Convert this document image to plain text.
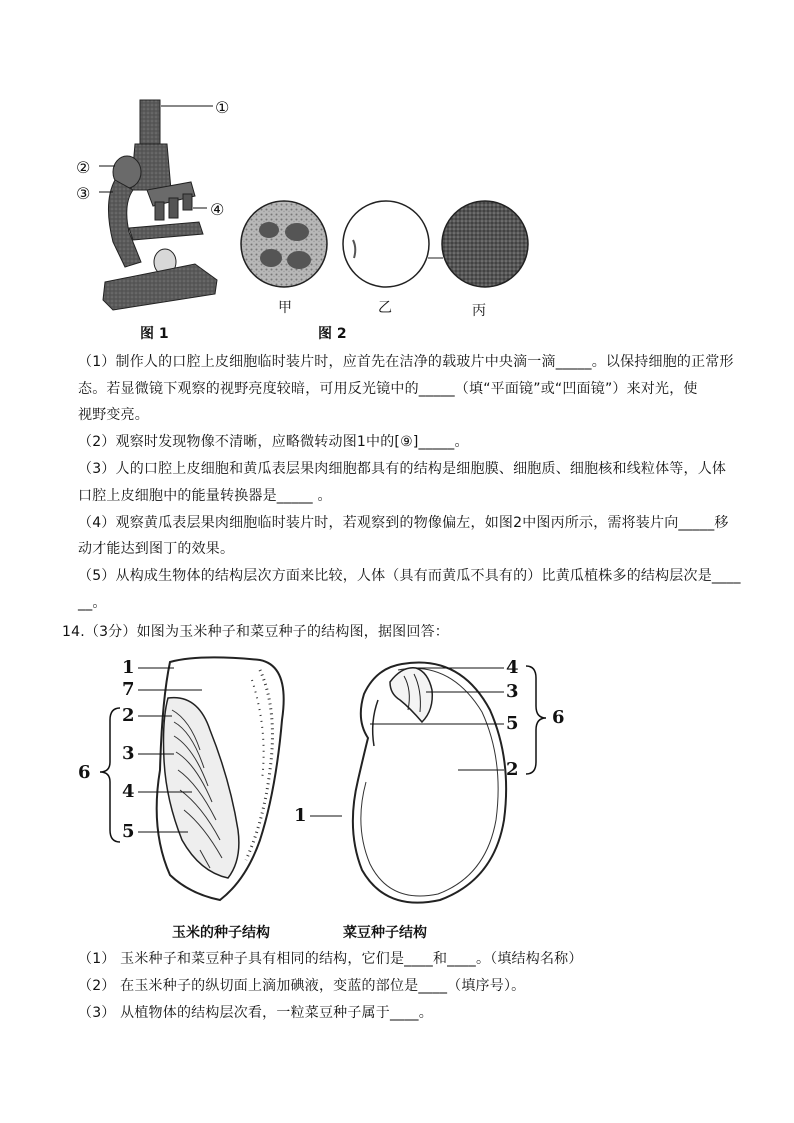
①
②
③
④
图 1
甲	乙	丙
图 2
（1）制作人的口腔上皮细胞临时装片时，应首先在洁净的载玻片中央滴一滴_____。以保持细胞的正常形
态。若显微镜下观察的视野亮度较暗，可用反光镜中的_____（填“平面镜”或“凹面镜”）来对光，使
视野变亮。
（2）观察时发现物像不清晰，应略微转动图1中的[⑨]_____。
（3）人的口腔上皮细胞和黄瓜表层果肉细胞都具有的结构是细胞膜、细胞质、细胞核和线粒体等，人体
口腔上皮细胞中的能量转换器是_____ 。
（4）观察黄瓜表层果肉细胞临时装片时，若观察到的物像偏左，如图2中图丙所示，需将装片向_____移
动才能达到图丁的效果。
（5）从构成生物体的结构层次方面来比较，人体（具有而黄瓜不具有的）比黄瓜植株多的结构层次是____
__。
14.（3分）如图为玉米种子和菜豆种子的结构图，据图回答：
1
7
2
3
4
5
6
玉米的种子结构
4
3
5 6
2
1
菜豆种子结构
（1） 玉米种子和菜豆种子具有相同的结构，它们是____和____。（填结构名称）
（2） 在玉米种子的纵切面上滴加碘液，变蓝的部位是____（填序号）。
（3） 从植物体的结构层次看，一粒菜豆种子属于____。
